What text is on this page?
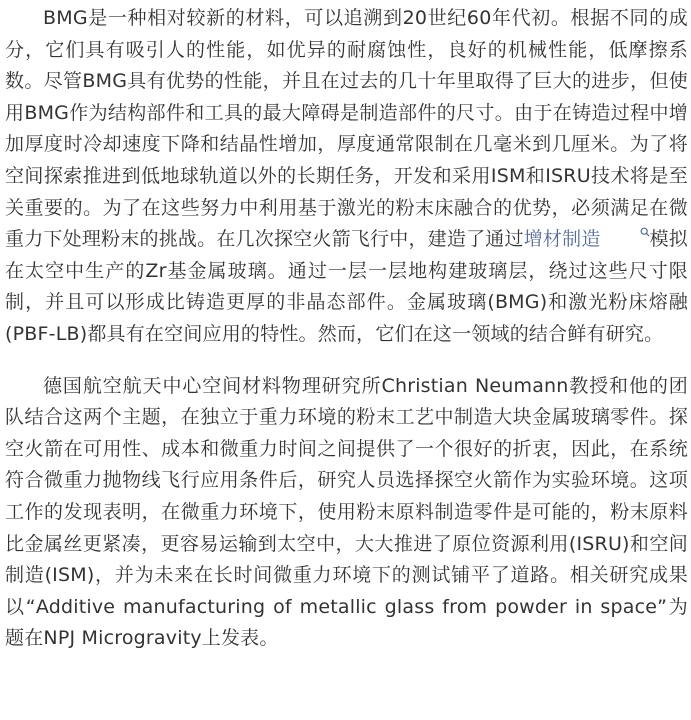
BMG是一种相对较新的材料，可以追溯到20世纪60年代初。根据不同的成分，它们具有吸引人的性能，如优异的耐腐蚀性，良好的机械性能，低摩擦系数。尽管BMG具有优势的性能，并且在过去的几十年里取得了巨大的进步，但使用BMG作为结构部件和工具的最大障碍是制造部件的尺寸。由于在铸造过程中增加厚度时冷却速度下降和结晶性增加，厚度通常限制在几毫米到几厘米。为了将空间探索推进到低地球轨道以外的长期任务，开发和采用ISM和ISRU技术将是至关重要的。为了在这些努力中利用基于激光的粉末床融合的优势，必须满足在微重力下处理粉末的挑战。在几次探空火箭飞行中，建造了通过增材制造	模拟在太空中生产的Zr基金属玻璃。通过一层一层地构建玻璃层，绕过这些尺寸限制，并且可以形成比铸造更厚的非晶态部件。金属玻璃(BMG)和激光粉床熔融(PBF-LB)都具有在空间应用的特性。然而，它们在这一领域的结合鲜有研究。

德国航空航天中心空间材料物理研究所Christian Neumann教授和他的团队结合这两个主题，在独立于重力环境的粉末工艺中制造大块金属玻璃零件。探空火箭在可用性、成本和微重力时间之间提供了一个很好的折衷，因此，在系统符合微重力抛物线飞行应用条件后，研究人员选择探空火箭作为实验环境。这项工作的发现表明，在微重力环境下，使用粉末原料制造零件是可能的，粉末原料比金属丝更紧凑，更容易运输到太空中，大大推进了原位资源利用(ISRU)和空间制造(ISM)，并为未来在长时间微重力环境下的测试铺平了道路。相关研究成果以“Additive manufacturing of metallic glass from powder in space”为题在NPJ Microgravity上发表。
